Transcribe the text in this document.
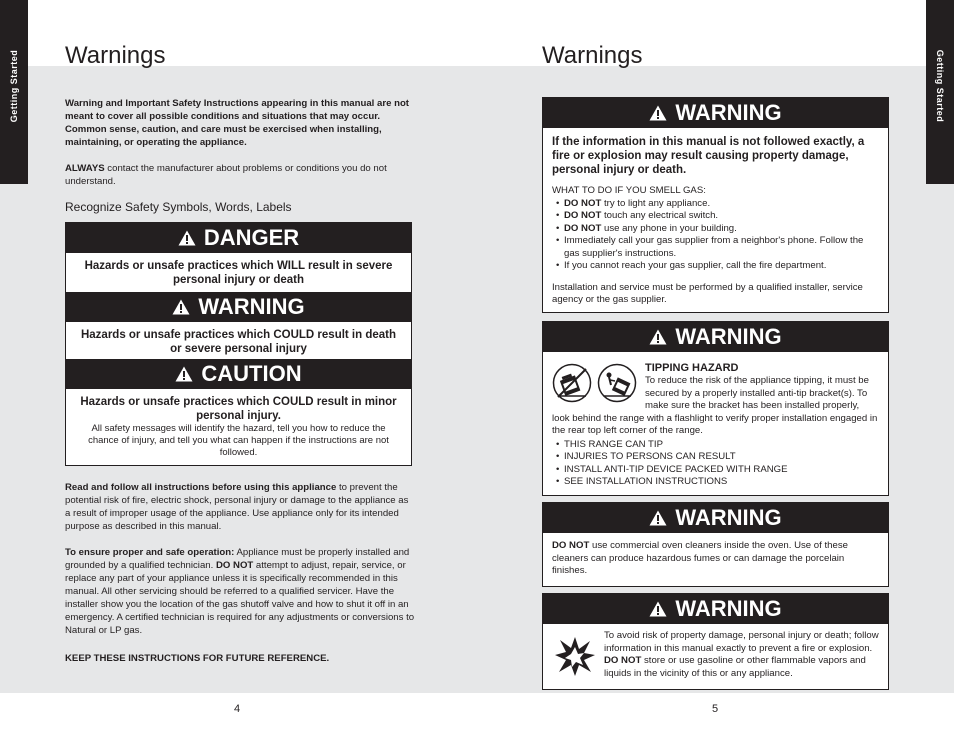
Getting Started	Getting Started
Warnings

Warning and Important Safety Instructions appearing in this manual are not meant to cover all possible conditions and situations that may occur. Common sense, caution, and care must be exercised when installing, maintaining, or operating the appliance.

ALWAYS contact the manufacturer about problems or conditions you do not understand.

Recognize Safety Symbols, Words, Labels
DANGER
Hazards or unsafe practices which WILL result in severe personal injury or death
WARNING
Hazards or unsafe practices which COULD result in death or severe personal injury
CAUTION
Hazards or unsafe practices which COULD result in minor personal injury.
All safety messages will identify the hazard, tell you how to reduce the chance of injury, and tell you what can happen if the instructions are not followed.

Read and follow all instructions before using this appliance to prevent the potential risk of fire, electric shock, personal injury or damage to the appliance as a result of improper usage of the appliance. Use appliance only for its intended purpose as described in this manual.

To ensure proper and safe operation: Appliance must be properly installed and grounded by a qualified technician. DO NOT attempt to adjust, repair, service, or replace any part of your appliance unless it is specifically recommended in this manual. All other servicing should be referred to a qualified servicer. Have the installer show you the location of the gas shutoff valve and how to shut it off in an emergency. A certified technician is required for any adjustments or conversions to Natural or LP gas.

KEEP THESE INSTRUCTIONS FOR FUTURE REFERENCE.

4
Warnings
WARNING
If the information in this manual is not followed exactly, a fire or explosion may result causing property damage, personal injury or death.
WHAT TO DO IF YOU SMELL GAS:
• DO NOT try to light any appliance.
• DO NOT touch any electrical switch.
• DO NOT use any phone in your building.
• Immediately call your gas supplier from a neighbor's phone. Follow the gas supplier's instructions.
• If you cannot reach your gas supplier, call the fire department.
Installation and service must be performed by a qualified installer, service agency or the gas supplier.
WARNING
TIPPING HAZARD
To reduce the risk of the appliance tipping, it must be secured by a properly installed anti-tip bracket(s). To make sure the bracket has been installed properly, look behind the range with a flashlight to verify proper installation engaged in the rear top left corner of the range.
• THIS RANGE CAN TIP
• INJURIES TO PERSONS CAN RESULT
• INSTALL ANTI-TIP DEVICE PACKED WITH RANGE
• SEE INSTALLATION INSTRUCTIONS
WARNING
DO NOT use commercial oven cleaners inside the oven. Use of these cleaners can produce hazardous fumes or can damage the porcelain finishes.
WARNING
To avoid risk of property damage, personal injury or death; follow information in this manual exactly to prevent a fire or explosion. DO NOT store or use gasoline or other flammable vapors and liquids in the vicinity of this or any appliance.
5
